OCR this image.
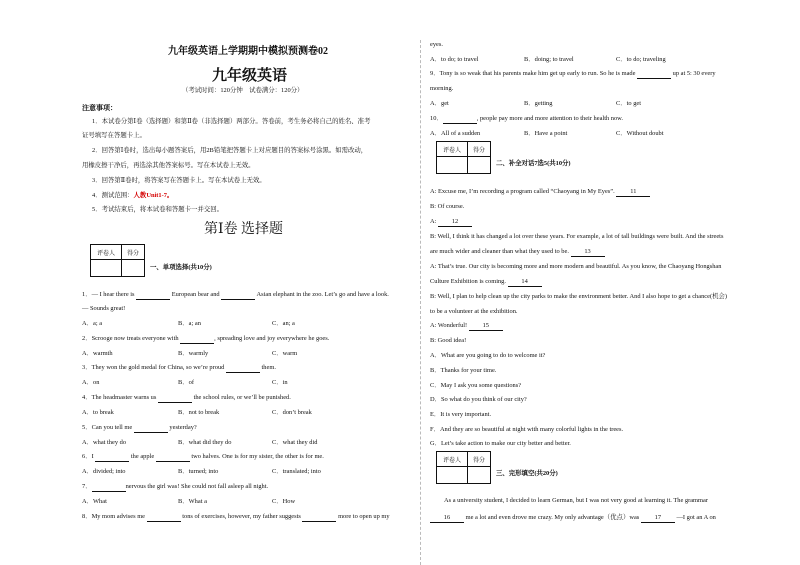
九年级英语上学期期中模拟预测卷02
九年级英语
（考试时间：120分钟　试卷满分：120分）
注意事项：
1．本试卷分第Ⅰ卷（选择题）和第Ⅱ卷（非选择题）两部分。答卷前，考生务必将自己的姓名、准考
证号填写在答题卡上。
2．回答第Ⅰ卷时，选出每小题答案后，用2B铅笔把答题卡上对应题目的答案标号涂黑。如需改动，
用橡皮擦干净后，再选涂其他答案标号。写在本试卷上无效。
3．回答第Ⅱ卷时，将答案写在答题卡上。写在本试卷上无效。
4．测试范围：人教Unit1-7。
5．考试结束后，将本试卷和答题卡一并交回。
第Ⅰ卷 选择题
评卷人	得分

一、单项选择(共10分)
1．— I hear there is	European bear and	Asian elephant in the zoo. Let’s go and have a look.
— Sounds great!
A．a; a	B．a; an	C．an; a
2．Scrooge now treats everyone with	, spreading love and joy everywhere he goes.
A．warmth	B．warmly	C．warm
3．They won the gold medal for China, so we’re proud	them.
A．on	B．of	C．in
4．The headmaster warns us	the school rules, or we’ll be punished.
A．to break	B．not to break	C．don’t break
5．Can you tell me	yesterday?
A．what they do	B．what did they do	C．what they did
6．I	the apple	two halves. One is for my sister, the other is for me.
A．divided; into	B．turned; into	C．translated; into
7．	nervous the girl was! She could not fall asleep all night.
A．What	B．What a	C．How
8．My mom advises me	tons of exercises, however, my father suggests	more to open up my
eyes.
A．to do; to travel	B．doing; to travel	C．to do; traveling
9．Tony is so weak that his parents make him get up early to run. So he is made	up at 5: 30 every
morning.
A．get	B．getting	C．to get
10．	, people pay more and more attention to their health now.
A．All of a sudden	B．Have a point	C．Without doubt
评卷人	得分

二、补全对话7选5(共10分)
A: Excuse me, I’m recording a program called “Chaoyang in My Eyes”. 11
B: Of course.
A: 12
B: Well, I think it has changed a lot over these years. For example, a lot of tall buildings were built. And the streets
are much wider and cleaner than what they used to be. 13
A: That’s true. Our city is becoming more and more modern and beautiful. As you know, the Chaoyang Hongshan
Culture Exhibition is coming. 14
B: Well, I plan to help clean up the city parks to make the environment better. And I also hope to get a chance(机会)
to be a volunteer at the exhibition.
A: Wonderful! 15
B: Good idea!
A．What are you going to do to welcome it?
B．Thanks for your time.
C．May I ask you some questions?
D．So what do you think of our city?
E．It is very important.
F．And they are so beautiful at night with many colorful lights in the trees.
G．Let’s take action to make our city better and better.
评卷人	得分

三、完形填空(共20分)
As a university student, I decided to learn German, but I was not very good at learning it. The grammar
16 me a lot and even drove me crazy. My only advantage（优点）was 17 —I got an A on
